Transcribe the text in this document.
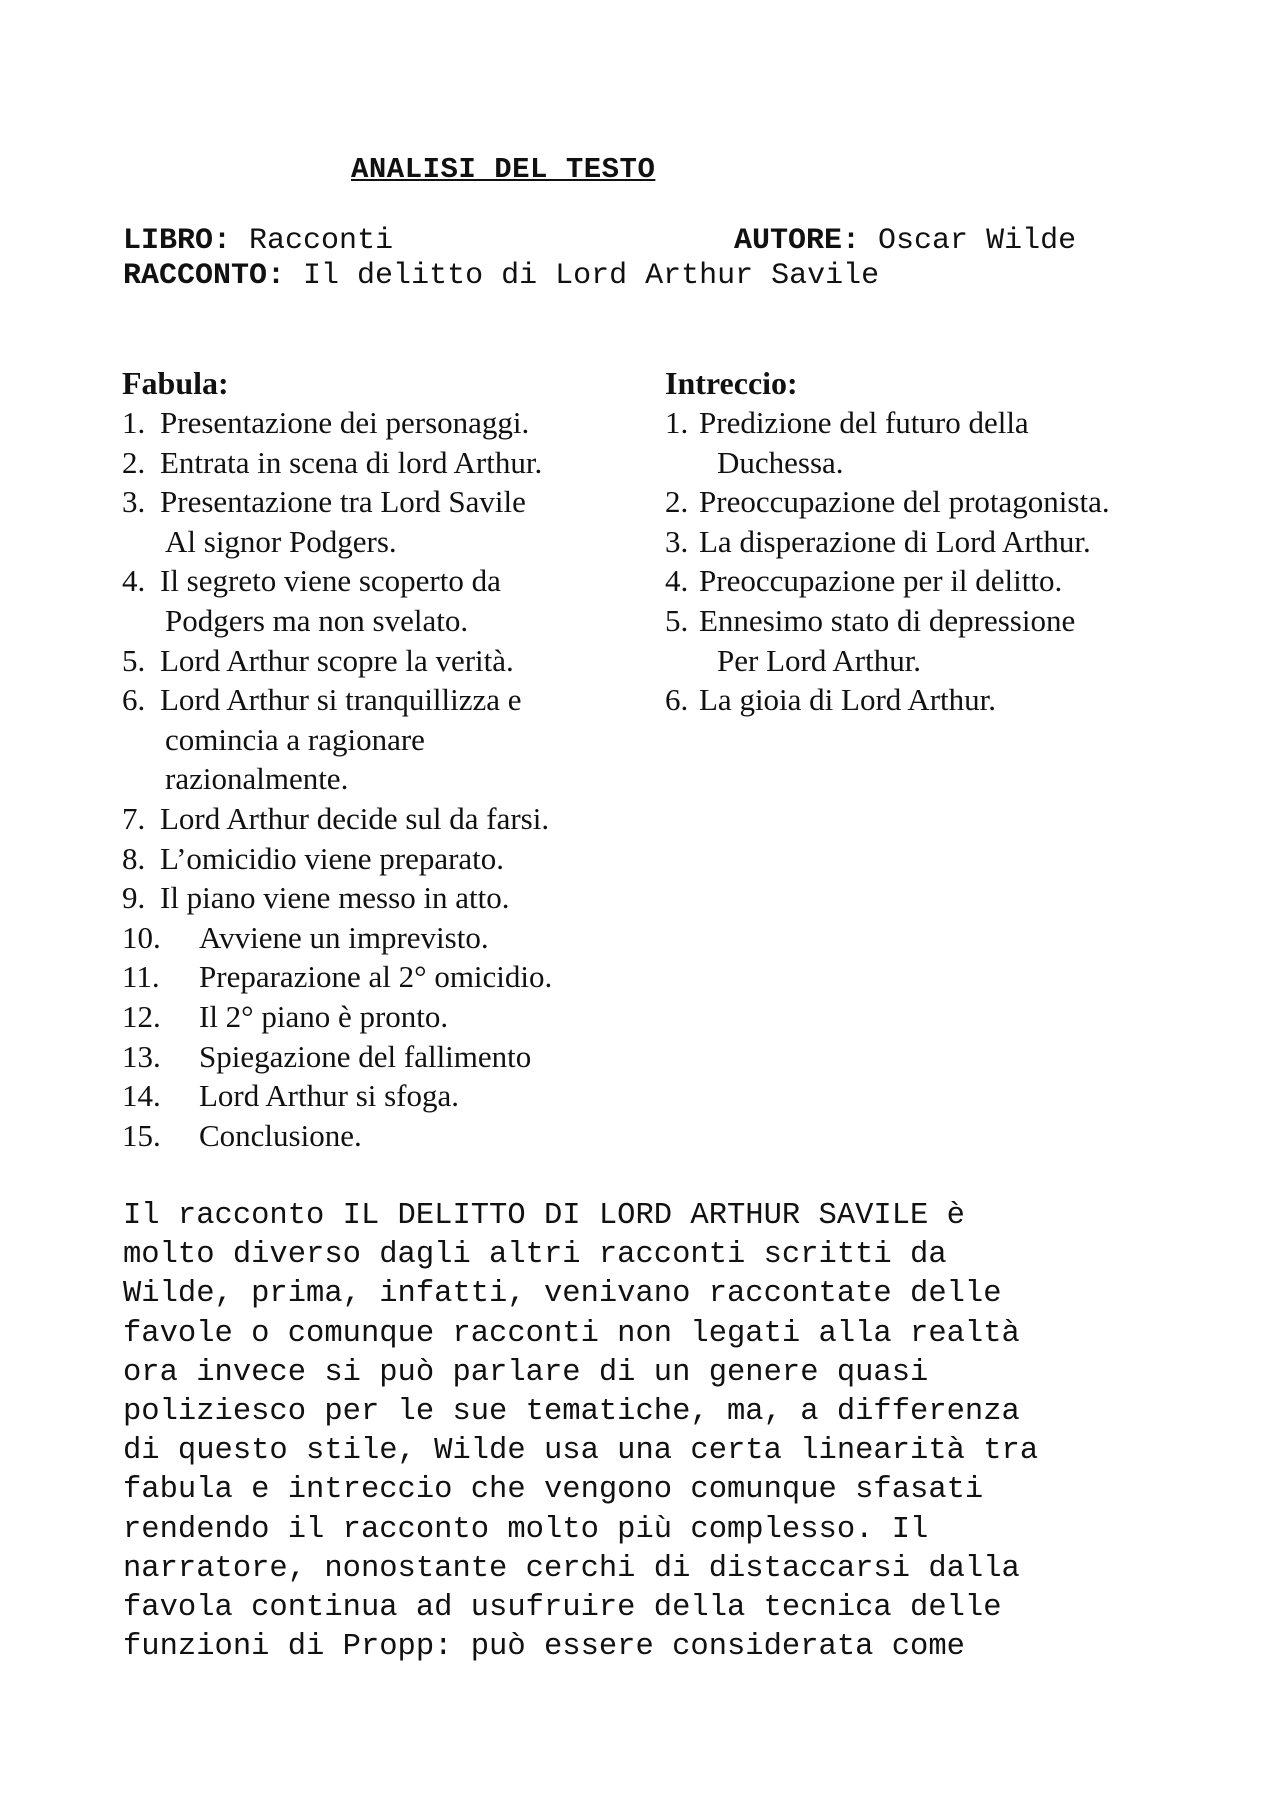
ANALISI DEL TESTO
LIBRO: Racconti	AUTORE: Oscar Wilde
RACCONTO: Il delitto di Lord Arthur Savile
Fabula:
1. Presentazione dei personaggi.
2. Entrata in scena di lord Arthur.
3. Presentazione tra Lord Savile
Al signor Podgers.
4. Il segreto viene scoperto da
Podgers ma non svelato.
5. Lord Arthur scopre la verità.
6. Lord Arthur si tranquillizza e
comincia a ragionare
razionalmente.
7. Lord Arthur decide sul da farsi.
8. L’omicidio viene preparato.
9. Il piano viene messo in atto.
10.	Avviene un imprevisto.
11.	Preparazione al 2° omicidio.
12.	Il 2° piano è pronto.
13.	Spiegazione del fallimento
14.	Lord Arthur si sfoga.
15.	Conclusione.
Intreccio:
1. Predizione del futuro della
Duchessa.
2. Preoccupazione del protagonista.
3. La disperazione di Lord Arthur.
4. Preoccupazione per il delitto.
5. Ennesimo stato di depressione
Per Lord Arthur.
6. La gioia di Lord Arthur.
Il racconto IL DELITTO DI LORD ARTHUR SAVILE è
molto diverso dagli altri racconti scritti da
Wilde, prima, infatti, venivano raccontate delle
favole o comunque racconti non legati alla realtà
ora invece si può parlare di un genere quasi
poliziesco per le sue tematiche, ma, a differenza
di questo stile, Wilde usa una certa linearità tra
fabula e intreccio che vengono comunque sfasati
rendendo il racconto molto più complesso. Il
narratore, nonostante cerchi di distaccarsi dalla
favola continua ad usufruire della tecnica delle
funzioni di Propp: può essere considerata come
